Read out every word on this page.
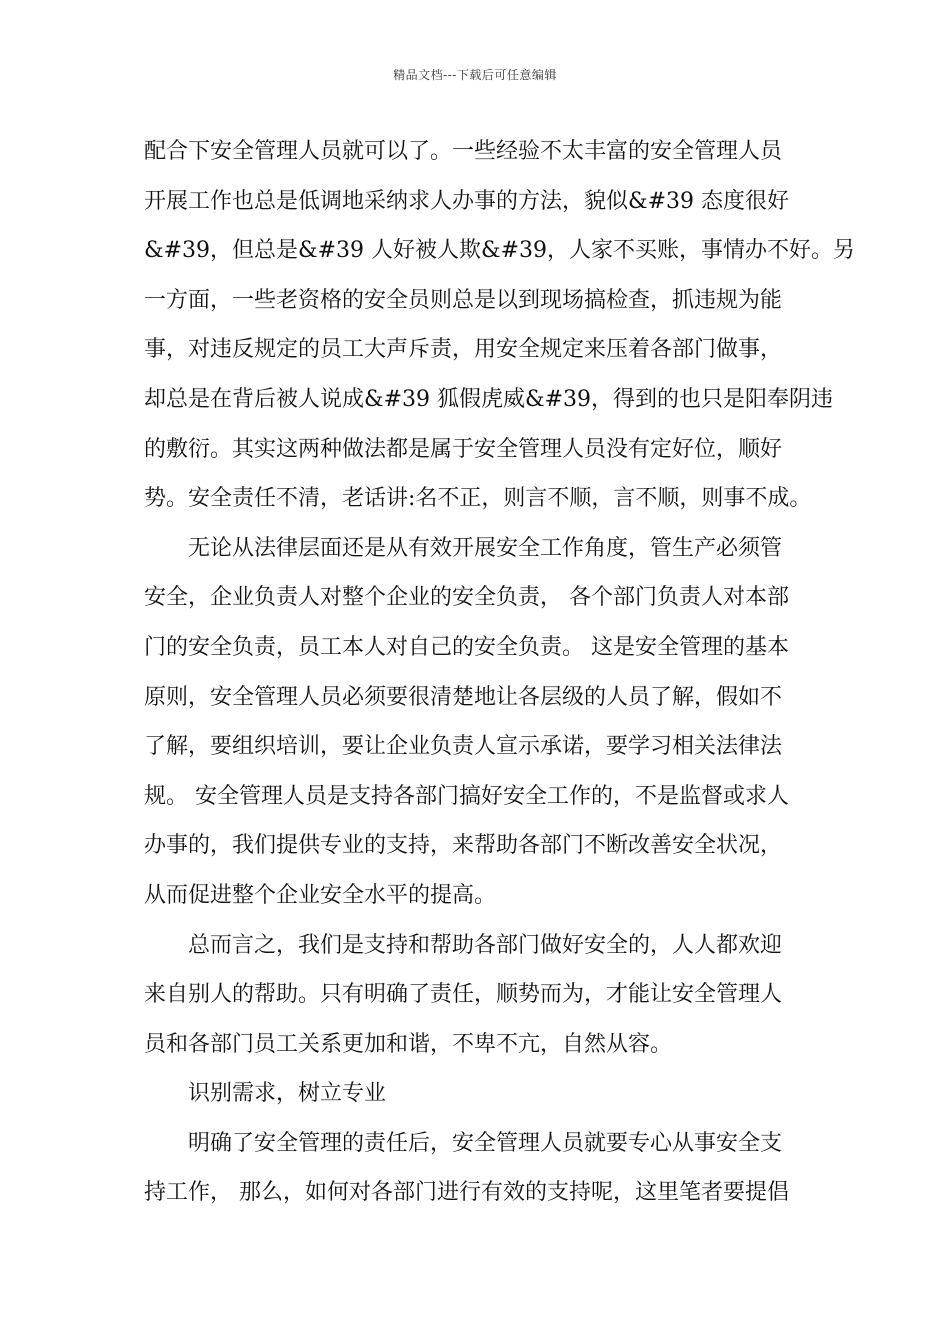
精品文档---下载后可任意编辑
配合下安全管理人员就可以了。一些经验不太丰富的安全管理人员
开展工作也总是低调地采纳求人办事的方法，貌似&#39 态度很好
&#39，但总是&#39 人好被人欺&#39，人家不买账，事情办不好。另
一方面，一些老资格的安全员则总是以到现场搞检查，抓违规为能
事，对违反规定的员工大声斥责，用安全规定来压着各部门做事，
却总是在背后被人说成&#39 狐假虎威&#39，得到的也只是阳奉阴违
的敷衍。其实这两种做法都是属于安全管理人员没有定好位，顺好
势。安全责任不清，老话讲:名不正，则言不顺，言不顺，则事不成。
无论从法律层面还是从有效开展安全工作角度，管生产必须管
安全，企业负责人对整个企业的安全负责， 各个部门负责人对本部
门的安全负责，员工本人对自己的安全负责。 这是安全管理的基本
原则，安全管理人员必须要很清楚地让各层级的人员了解，假如不
了解，要组织培训，要让企业负责人宣示承诺，要学习相关法律法
规。 安全管理人员是支持各部门搞好安全工作的，不是监督或求人
办事的，我们提供专业的支持，来帮助各部门不断改善安全状况，
从而促进整个企业安全水平的提高。
总而言之，我们是支持和帮助各部门做好安全的，人人都欢迎
来自别人的帮助。只有明确了责任，顺势而为，才能让安全管理人
员和各部门员工关系更加和谐，不卑不亢，自然从容。
识别需求，树立专业
明确了安全管理的责任后，安全管理人员就要专心从事安全支
持工作， 那么，如何对各部门进行有效的支持呢，这里笔者要提倡
